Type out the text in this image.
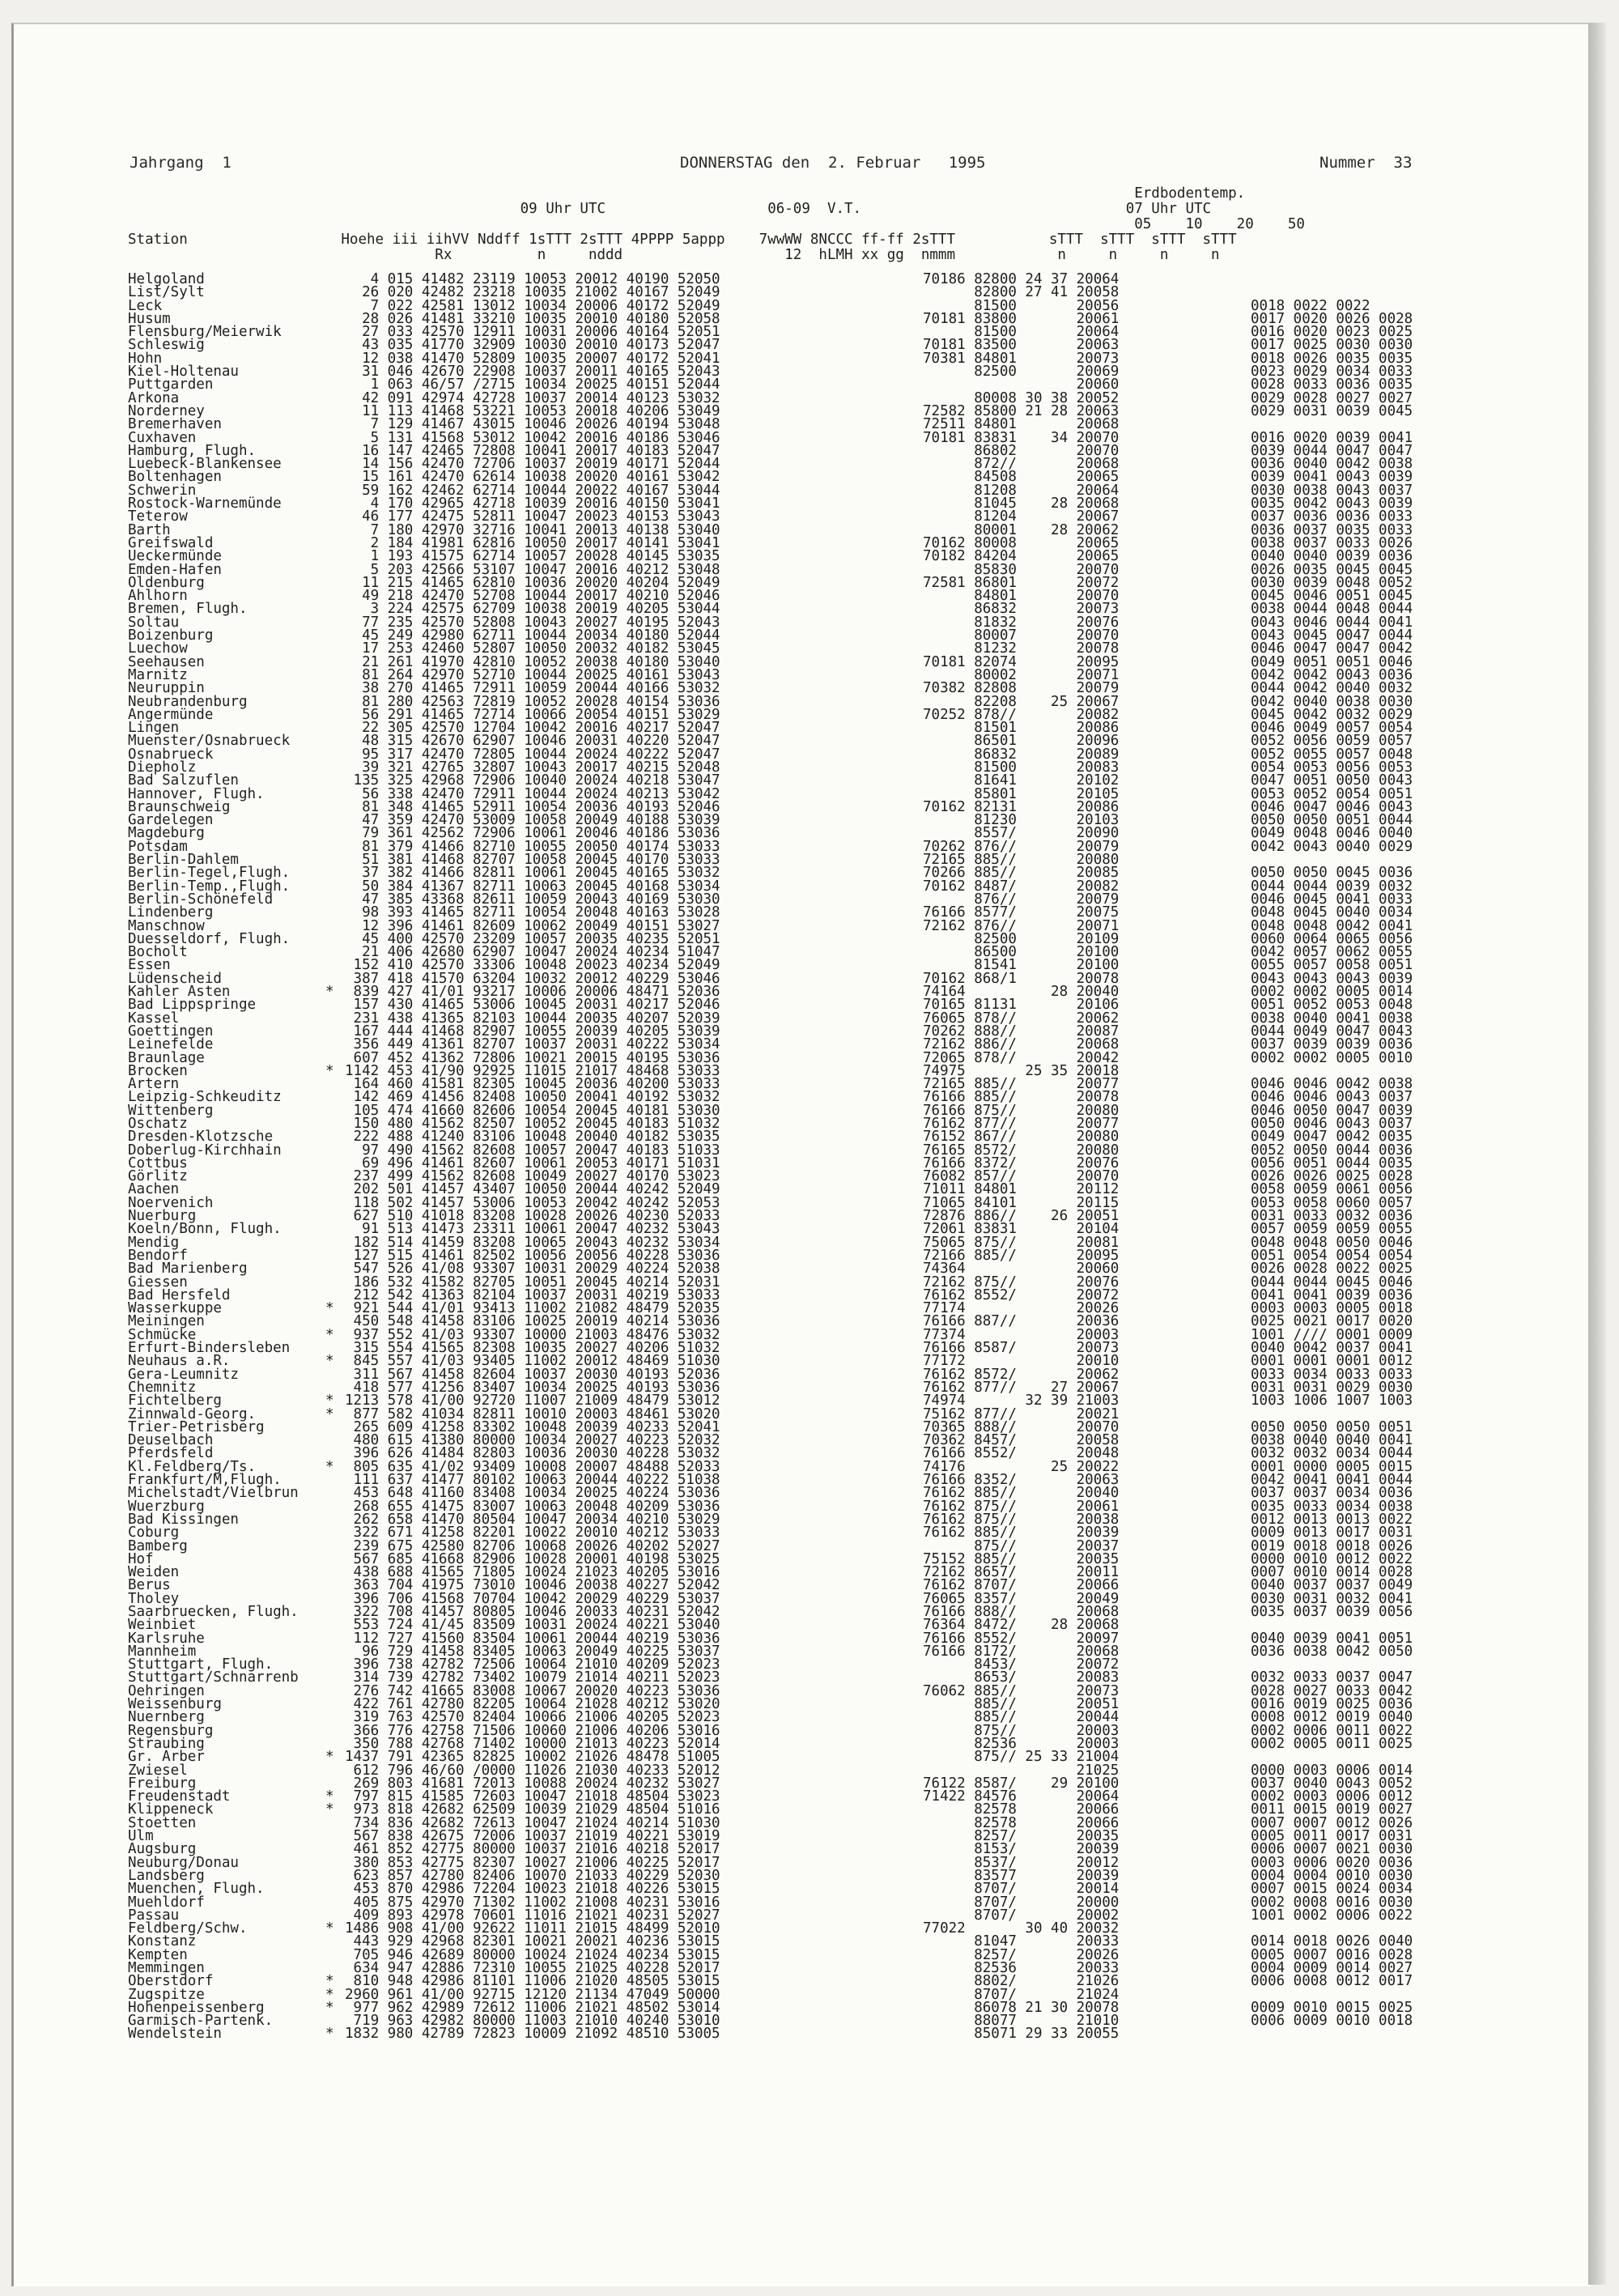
Jahrgang  1	DONNERSTAG den  2. Februar   1995	Nummer  33
Erdbodentemp.
09 Uhr UTC                   06-09  V.T.                               07 Uhr UTC
05    10    20    50
Station                  Hoehe iii iihVV Nddff 1sTTT 2sTTT 4PPPP 5appp    7wwWW 8NCCC ff-ff 2sTTT           sTTT  sTTT  sTTT  sTTT
Rx          n     nddd                   12  hLMH xx gg  nmmm            n     n     n     n
Helgoland	4 015 41482 23119 10053 20012 40190 52050	70186 82800 24 37 20064
List/Sylt	26 020 42482 23218 10035 21002 40167 52049	82800 27 41 20058
Leck	7 022 42581 13012 10034 20006 40172 52049	81500       20056	0018 0022 0022
Husum	28 026 41481 33210 10035 20010 40180 52058	70181 83800       20061	0017 0020 0026 0028
Flensburg/Meierwik	27 033 42570 12911 10031 20006 40164 52051	81500       20064	0016 0020 0023 0025
Schleswig	43 035 41770 32909 10030 20010 40173 52047	70181 83500       20063	0017 0025 0030 0030
Hohn	12 038 41470 52809 10035 20007 40172 52041	70381 84801       20073	0018 0026 0035 0035
Kiel-Holtenau	31 046 42670 22908 10037 20011 40165 52043	82500       20069	0023 0029 0034 0033
Puttgarden	1 063 46/57 /2715 10034 20025 40151 52044	20060	0028 0033 0036 0035
Arkona	42 091 42974 42728 10037 20014 40123 53032	80008 30 38 20052	0029 0028 0027 0027
Norderney	11 113 41468 53221 10053 20018 40206 53049	72582 85800 21 28 20063	0029 0031 0039 0045
Bremerhaven	7 129 41467 43015 10046 20026 40194 53048	72511 84801       20068
Cuxhaven	5 131 41568 53012 10042 20016 40186 53046	70181 83831    34 20070	0016 0020 0039 0041
Hamburg, Flugh.	16 147 42465 72808 10041 20017 40183 52047	86802       20070	0039 0044 0047 0047
Luebeck-Blankensee	14 156 42470 72706 10037 20019 40171 52044	872//       20068	0036 0040 0042 0038
Boltenhagen	15 161 42470 62614 10038 20020 40161 53042	84508       20065	0039 0041 0043 0039
Schwerin	59 162 42462 62714 10044 20022 40167 53044	81208       20064	0030 0038 0043 0037
Rostock-Warnemünde	4 170 42965 42718 10039 20016 40150 53041	81045    28 20068	0035 0042 0043 0039
Teterow	46 177 42475 52811 10047 20023 40153 53043	81204       20067	0037 0036 0036 0033
Barth	7 180 42970 32716 10041 20013 40138 53040	80001    28 20062	0036 0037 0035 0033
Greifswald	2 184 41981 62816 10050 20017 40141 53041	70162 80008       20065	0038 0037 0033 0026
Ueckermünde	1 193 41575 62714 10057 20028 40145 53035	70182 84204       20065	0040 0040 0039 0036
Emden-Hafen	5 203 42566 53107 10047 20016 40212 53048	85830       20070	0026 0035 0045 0045
Oldenburg	11 215 41465 62810 10036 20020 40204 52049	72581 86801       20072	0030 0039 0048 0052
Ahlhorn	49 218 42470 52708 10044 20017 40210 52046	84801       20070	0045 0046 0051 0045
Bremen, Flugh.	3 224 42575 62709 10038 20019 40205 53044	86832       20073	0038 0044 0048 0044
Soltau	77 235 42570 52808 10043 20027 40195 52043	81832       20076	0043 0046 0044 0041
Boizenburg	45 249 42980 62711 10044 20034 40180 52044	80007       20070	0043 0045 0047 0044
Luechow	17 253 42460 52807 10050 20032 40182 53045	81232       20078	0046 0047 0047 0042
Seehausen	21 261 41970 42810 10052 20038 40180 53040	70181 82074       20095	0049 0051 0051 0046
Marnitz	81 264 42970 52710 10044 20025 40161 53043	80002       20071	0042 0042 0043 0036
Neuruppin	38 270 41465 72911 10059 20044 40166 53032	70382 82808       20079	0044 0042 0040 0032
Neubrandenburg	81 280 42563 72819 10052 20028 40154 53036	82208    25 20067	0042 0040 0038 0030
Angermünde	56 291 41465 72714 10066 20054 40151 53029	70252 878//       20082	0045 0042 0032 0029
Lingen	22 305 42570 12704 10042 20016 40217 52047	81501       20086	0046 0049 0057 0054
Muenster/Osnabrueck	48 315 42670 62907 10046 20031 40220 52047	86501       20096	0052 0056 0059 0057
Osnabrueck	95 317 42470 72805 10044 20024 40222 52047	86832       20089	0052 0055 0057 0048
Diepholz	39 321 42765 32807 10043 20017 40215 52048	81500       20083	0054 0053 0056 0053
Bad Salzuflen	135 325 42968 72906 10040 20024 40218 53047	81641       20102	0047 0051 0050 0043
Hannover, Flugh.	56 338 42470 72911 10044 20024 40213 53042	85801       20105	0053 0052 0054 0051
Braunschweig	81 348 41465 52911 10054 20036 40193 52046	70162 82131       20086	0046 0047 0046 0043
Gardelegen	47 359 42470 53009 10058 20049 40188 53039	81230       20103	0050 0050 0051 0044
Magdeburg	79 361 42562 72906 10061 20046 40186 53036	8557/       20090	0049 0048 0046 0040
Potsdam	81 379 41466 82710 10055 20050 40174 53033	70262 876//       20079	0042 0043 0040 0029
Berlin-Dahlem	51 381 41468 82707 10058 20045 40170 53033	72165 885//       20080
Berlin-Tegel,Flugh.	37 382 41466 82811 10061 20045 40165 53032	70266 885//       20085	0050 0050 0045 0036
Berlin-Temp.,Flugh.	50 384 41367 82711 10063 20045 40168 53034	70162 8487/       20082	0044 0044 0039 0032
Berlin-Schönefeld	47 385 43368 82611 10059 20043 40169 53030	876//       20079	0046 0045 0041 0033
Lindenberg	98 393 41465 82711 10054 20048 40163 53028	76166 8577/       20075	0048 0045 0040 0034
Manschnow	12 396 41461 82609 10062 20049 40151 53027	72162 876//       20071	0048 0048 0042 0041
Duesseldorf, Flugh.	45 400 42570 23209 10057 20035 40235 52051	82500       20109	0060 0064 0065 0056
Bocholt	21 406 42680 62907 10047 20024 40234 51047	86500       20100	0042 0057 0062 0055
Essen	152 410 42570 33306 10048 20023 40234 52049	81541       20100	0055 0057 0058 0051
Lüdenscheid	387 418 41570 63204 10032 20012 40229 53046	70162 868/1       20078	0043 0043 0043 0039
Kahler Asten	* 839 427 41/01 93217 10006 20006 48471 52036	74164          28 20040	0002 0002 0005 0014
Bad Lippspringe	157 430 41465 53006 10045 20031 40217 52046	70165 81131       20106	0051 0052 0053 0048
Kassel	231 438 41365 82103 10044 20035 40207 52039	76065 878//       20062	0038 0040 0041 0038
Goettingen	167 444 41468 82907 10055 20039 40205 53039	70262 888//       20087	0044 0049 0047 0043
Leinefelde	356 449 41361 82707 10037 20031 40222 53034	72162 886//       20068	0037 0039 0039 0036
Braunlage	607 452 41362 72806 10021 20015 40195 53036	72065 878//       20042	0002 0002 0005 0010
Brocken	* 1142 453 41/90 92925 11015 21017 48468 53033	74975       25 35 20018
Artern	164 460 41581 82305 10045 20036 40200 53033	72165 885//       20077	0046 0046 0042 0038
Leipzig-Schkeuditz	142 469 41456 82408 10050 20041 40192 53032	76166 885//       20078	0046 0046 0043 0037
Wittenberg	105 474 41660 82606 10054 20045 40181 53030	76166 875//       20080	0046 0050 0047 0039
Oschatz	150 480 41562 82507 10052 20045 40183 51032	76162 877//       20077	0050 0046 0043 0037
Dresden-Klotzsche	222 488 41240 83106 10048 20040 40182 53035	76152 867//       20080	0049 0047 0042 0035
Doberlug-Kirchhain	97 490 41562 82608 10057 20047 40183 51033	76165 8572/       20080	0052 0050 0044 0036
Cottbus	69 496 41461 82607 10061 20053 40171 51031	76166 8372/       20076	0056 0051 0044 0035
Görlitz	237 499 41562 82608 10049 20027 40170 53023	76082 857//       20070	0026 0026 0025 0028
Aachen	202 501 41457 43407 10050 20044 40242 52049	71011 84801       20112	0058 0059 0061 0056
Noervenich	118 502 41457 53006 10053 20042 40242 52053	71065 84101       20115	0053 0058 0060 0057
Nuerburg	627 510 41018 83208 10028 20026 40230 52033	72876 886//    26 20051	0031 0033 0032 0036
Koeln/Bonn, Flugh.	91 513 41473 23311 10061 20047 40232 53043	72061 83831       20104	0057 0059 0059 0055
Mendig	182 514 41459 83208 10065 20043 40232 53034	75065 875//       20081	0048 0048 0050 0046
Bendorf	127 515 41461 82502 10056 20056 40228 53036	72166 885//       20095	0051 0054 0054 0054
Bad Marienberg	547 526 41/08 93307 10031 20029 40224 52038	74364             20060	0026 0028 0022 0025
Giessen	186 532 41582 82705 10051 20045 40214 52031	72162 875//       20076	0044 0044 0045 0046
Bad Hersfeld	212 542 41363 82104 10037 20031 40219 53033	76162 8552/       20072	0041 0041 0039 0036
Wasserkuppe	* 921 544 41/01 93413 11002 21082 48479 52035	77174             20026	0003 0003 0005 0018
Meiningen	450 548 41458 83106 10025 20019 40214 53036	76166 887//       20036	0025 0021 0017 0020
Schmücke	* 937 552 41/03 93307 10000 21003 48476 53032	77374             20003	1001 //// 0001 0009
Erfurt-Bindersleben	315 554 41565 82308 10035 20027 40206 51032	76166 8587/       20073	0040 0042 0037 0041
Neuhaus a.R.	* 845 557 41/03 93405 11002 20012 48469 51030	77172             20010	0001 0001 0001 0012
Gera-Leumnitz	311 567 41458 82604 10037 20030 40193 52036	76162 8572/       20062	0033 0034 0033 0033
Chemnitz	418 577 41256 83407 10034 20025 40193 53036	76162 877//    27 20067	0031 0031 0029 0030
Fichtelberg	* 1213 578 41/00 92720 11007 21009 48479 53012	74974       32 39 21003	1003 1006 1007 1003
Zinnwald-Georg.	* 877 582 41034 82811 10010 20003 48461 53020	75162 877//       20021
Trier-Petrisberg	265 609 41258 83302 10048 20039 40233 52041	70365 888//       20070	0050 0050 0050 0051
Deuselbach	480 615 41380 80000 10034 20027 40223 52032	70362 8457/       20058	0038 0040 0040 0041
Pferdsfeld	396 626 41484 82803 10036 20030 40228 53032	76166 8552/       20048	0032 0032 0034 0044
Kl.Feldberg/Ts.	* 805 635 41/02 93409 10008 20007 48488 52033	74176          25 20022	0001 0000 0005 0015
Frankfurt/M,Flugh.	111 637 41477 80102 10063 20044 40222 51038	76166 8352/       20063	0042 0041 0041 0044
Michelstadt/Vielbrun	453 648 41160 83408 10034 20025 40224 53036	76162 885//       20040	0037 0037 0034 0036
Wuerzburg	268 655 41475 83007 10063 20048 40209 53036	76162 875//       20061	0035 0033 0034 0038
Bad Kissingen	262 658 41470 80504 10047 20034 40210 53029	76162 875//       20038	0012 0013 0013 0022
Coburg	322 671 41258 82201 10022 20010 40212 53033	76162 885//       20039	0009 0013 0017 0031
Bamberg	239 675 42580 82706 10068 20026 40202 52027	875//       20037	0019 0018 0018 0026
Hof	567 685 41668 82906 10028 20001 40198 53025	75152 885//       20035	0000 0010 0012 0022
Weiden	438 688 41565 71805 10024 21023 40205 53016	72162 8657/       20011	0007 0010 0014 0028
Berus	363 704 41975 73010 10046 20038 40227 52042	76162 8707/       20066	0040 0037 0037 0049
Tholey	396 706 41568 70704 10042 20029 40229 53037	76065 8357/       20049	0030 0031 0032 0041
Saarbruecken, Flugh.	322 708 41457 80805 10046 20033 40231 52042	76166 888//       20068	0035 0037 0039 0056
Weinbiet	553 724 41/45 83509 10031 20024 40221 53040	76364 8472/    28 20068
Karlsruhe	112 727 41560 83504 10061 20044 40219 53036	76166 8552/       20097	0040 0039 0041 0051
Mannheim	96 729 41458 83405 10063 20049 40225 53037	76166 8172/       20068	0036 0038 0042 0050
Stuttgart, Flugh.	396 738 42782 72506 10064 21010 40209 52023	8453/       20072
Stuttgart/Schnarrenb	314 739 42782 73402 10079 21014 40211 52023	8653/       20083	0032 0033 0037 0047
Oehringen	276 742 41665 83008 10067 20020 40223 53036	76062 885//       20073	0028 0027 0033 0042
Weissenburg	422 761 42780 82205 10064 21028 40212 53020	885//       20051	0016 0019 0025 0036
Nuernberg	319 763 42570 82404 10066 21006 40205 52023	885//       20044	0008 0012 0019 0040
Regensburg	366 776 42758 71506 10060 21006 40206 53016	875//       20003	0002 0006 0011 0022
Straubing	350 788 42768 71402 10000 21013 40223 52014	82536       20003	0002 0005 0011 0025
Gr. Arber	* 1437 791 42365 82825 10002 21026 48478 51005	875// 25 33 21004
Zwiesel	612 796 46/60 /0000 11026 21030 40233 52012	21025	0000 0003 0006 0014
Freiburg	269 803 41681 72013 10088 20024 40232 53027	76122 8587/    29 20100	0037 0040 0043 0052
Freudenstadt	* 797 815 41585 72603 10047 21018 48504 53023	71422 84576       20064	0002 0003 0006 0012
Klippeneck	* 973 818 42682 62509 10039 21029 48504 51016	82578       20066	0011 0015 0019 0027
Stoetten	734 836 42682 72613 10047 21024 40214 51030	82578       20066	0007 0007 0012 0026
Ulm	567 838 42675 72006 10037 21019 40221 53019	8257/       20035	0005 0011 0017 0031
Augsburg	461 852 42775 80000 10037 21016 40218 52017	8153/       20039	0006 0007 0021 0030
Neuburg/Donau	380 853 42775 82307 10027 21006 40225 52017	8537/       20012	0003 0006 0020 0036
Landsberg	623 857 42780 82406 10070 21033 40229 52030	83577       20039	0004 0004 0010 0030
Muenchen, Flugh.	453 870 42986 72204 10023 21018 40226 53015	8707/       20014	0007 0015 0024 0034
Muehldorf	405 875 42970 71302 11002 21008 40231 53016	8707/       20000	0002 0008 0016 0030
Passau	409 893 42978 70601 11016 21021 40231 52027	8707/       20002	1001 0002 0006 0022
Feldberg/Schw.	* 1486 908 41/00 92622 11011 21015 48499 52010	77022       30 40 20032
Konstanz	443 929 42968 82301 10021 20021 40236 53015	81047       20033	0014 0018 0026 0040
Kempten	705 946 42689 80000 10024 21024 40234 53015	8257/       20026	0005 0007 0016 0028
Memmingen	634 947 42886 72310 10055 21025 40228 52017	82536       20033	0004 0009 0014 0027
Oberstdorf	* 810 948 42986 81101 11006 21020 48505 53015	8802/       21026	0006 0008 0012 0017
Zugspitze	* 2960 961 41/00 92715 12120 21134 47049 50000	8707/       21024
Hohenpeissenberg	* 977 962 42989 72612 11006 21021 48502 53014	86078 21 30 20078	0009 0010 0015 0025
Garmisch-Partenk.	719 963 42982 80000 11003 21010 40240 53010	88077       21010	0006 0009 0010 0018
Wendelstein	* 1832 980 42789 72823 10009 21092 48510 53005	85071 29 33 20055
